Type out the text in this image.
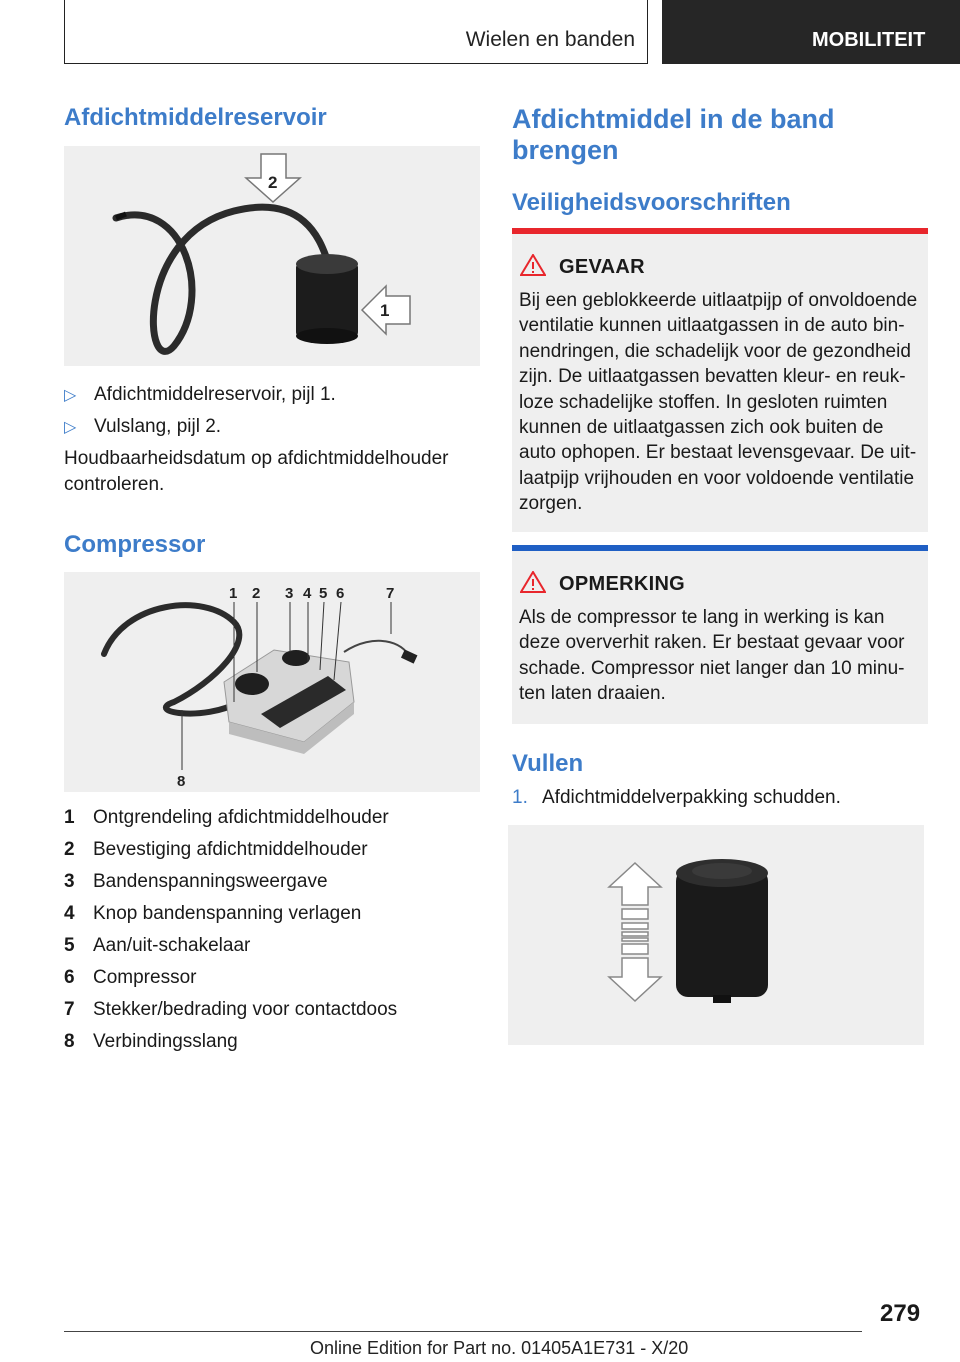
Wielen en banden	MOBILITEIT
Afdichtmiddelreservoir
2
1
▷ Afdichtmiddelreservoir, pijl 1.
▷ Vulslang, pijl 2.
Houdbaarheidsdatum op afdichtmiddelhouder controleren.
Compressor
1 2 3 4 5 6	7
8
1 Ontgrendeling afdichtmiddelhouder
2 Bevestiging afdichtmiddelhouder
3 Bandenspanningsweergave
4 Knop bandenspanning verlagen
5 Aan/uit-schakelaar
6 Compressor
7 Stekker/bedrading voor contactdoos
8 Verbindingsslang
Afdichtmiddel in de band
brengen
Veiligheidsvoorschriften
GEVAAR
Bij een geblokkeerde uitlaatpijp of onvoldoende
ventilatie kunnen uitlaatgassen in de auto bin-
nendringen, die schadelijk voor de gezondheid
zijn. De uitlaatgassen bevatten kleur- en reuk-
loze schadelijke stoffen. In gesloten ruimten
kunnen de uitlaatgassen zich ook buiten de
auto ophopen. Er bestaat levensgevaar. De uit-
laatpijp vrijhouden en voor voldoende ventilatie
zorgen.
OPMERKING
Als de compressor te lang in werking is kan
deze oververhit raken. Er bestaat gevaar voor
schade. Compressor niet langer dan 10 minu-
ten laten draaien.
Vullen
1. Afdichtmiddelverpakking schudden.
279
Online Edition for Part no. 01405A1E731 - X/20
